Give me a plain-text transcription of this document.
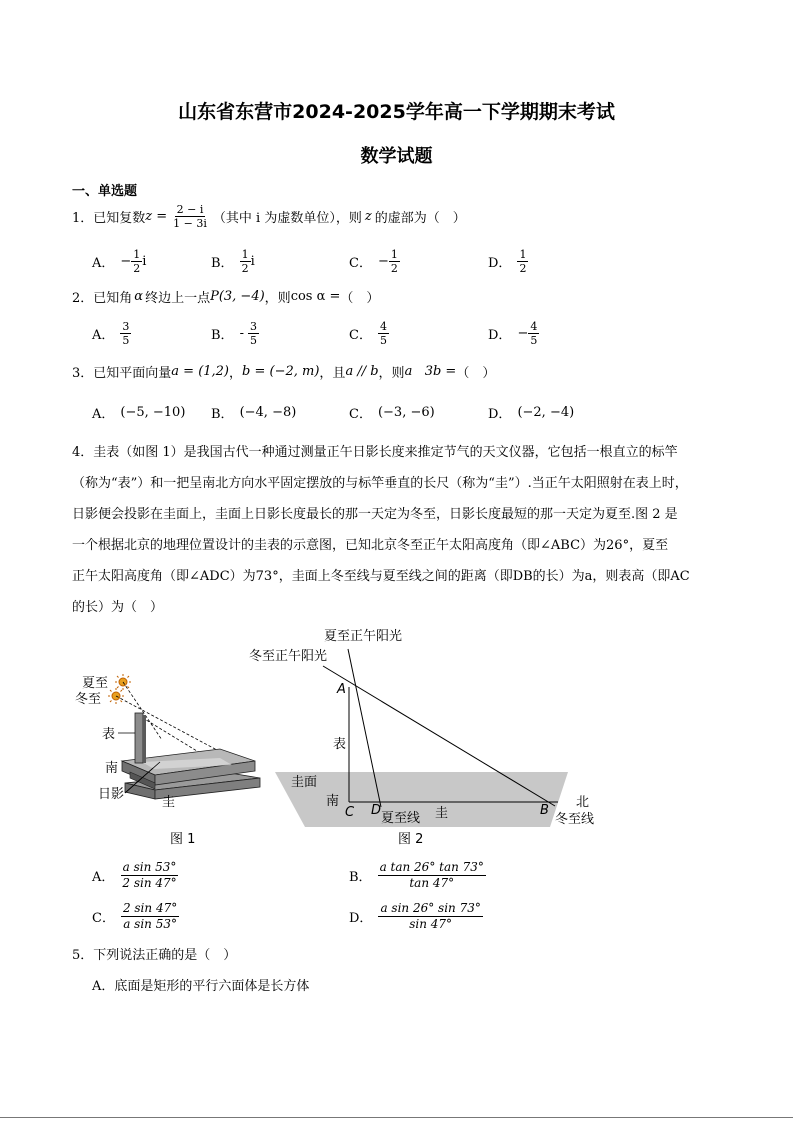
山东省东营市2024-2025学年高一下学期期末考试
数学试题
一、单选题
1．已知复数 $z = \frac{2 - i}{1 - 3i}$ （其中 i 为虚数单位），则 z 的虚部为（　）
A． − $\frac{1}{2}$ i	B． $\frac{1}{2}$ i	C． − $\frac{1}{2}$	D． $\frac{1}{2}$
2．已知角 α 终边上一点 P(3, −4) ，则 cos α = （　）
A． $\frac{3}{5}$	B． - $\frac{3}{5}$	C． $\frac{4}{5}$	D． − $\frac{4}{5}$
3．已知平面向量 a = (1,2) ， b = (−2, m) ，且 a // b ，则 a   3b = （　）
A． (−5, −10) B． (−4, −8)	C． (−3, −6)	D． (−2, −4)
4．圭表（如图 1）是我国古代一种通过测量正午日影长度来推定节气的天文仪器，它包括一根直立的标竿
（称为“表”）和一把呈南北方向水平固定摆放的与标竿垂直的长尺（称为“圭”）.当正午太阳照射在表上时，
日影便会投影在圭面上，圭面上日影长度最长的那一天定为冬至，日影长度最短的那一天定为夏至.图 2 是
一个根据北京的地理位置设计的圭表的示意图，已知北京冬至正午太阳高度角（即∠ABC）为26°，夏至
正午太阳高度角（即∠ADC）为73°，圭面上冬至线与夏至线之间的距离（即DB的长）为a，则表高（即AC
的长）为（　）
夏至
冬至
表
南
日影
圭
图 1
夏至正午阳光
冬至正午阳光
A
表
圭面
南
C D
夏至线 圭	B
北
冬至线
图 2
A． $\frac{\text{a sin 53°}}{2 \sin 47^\circ}$	B． $\frac{\text{a tan 26° tan 73°}}{\tan 47^\circ}$
C． $\frac{2 \sin 47^\circ}{\text{a sin 53°}}$	D． $\frac{\text{a sin 26° sin 73°}}{\sin 47^\circ}$
5．下列说法正确的是（　）
A．底面是矩形的平行六面体是长方体
